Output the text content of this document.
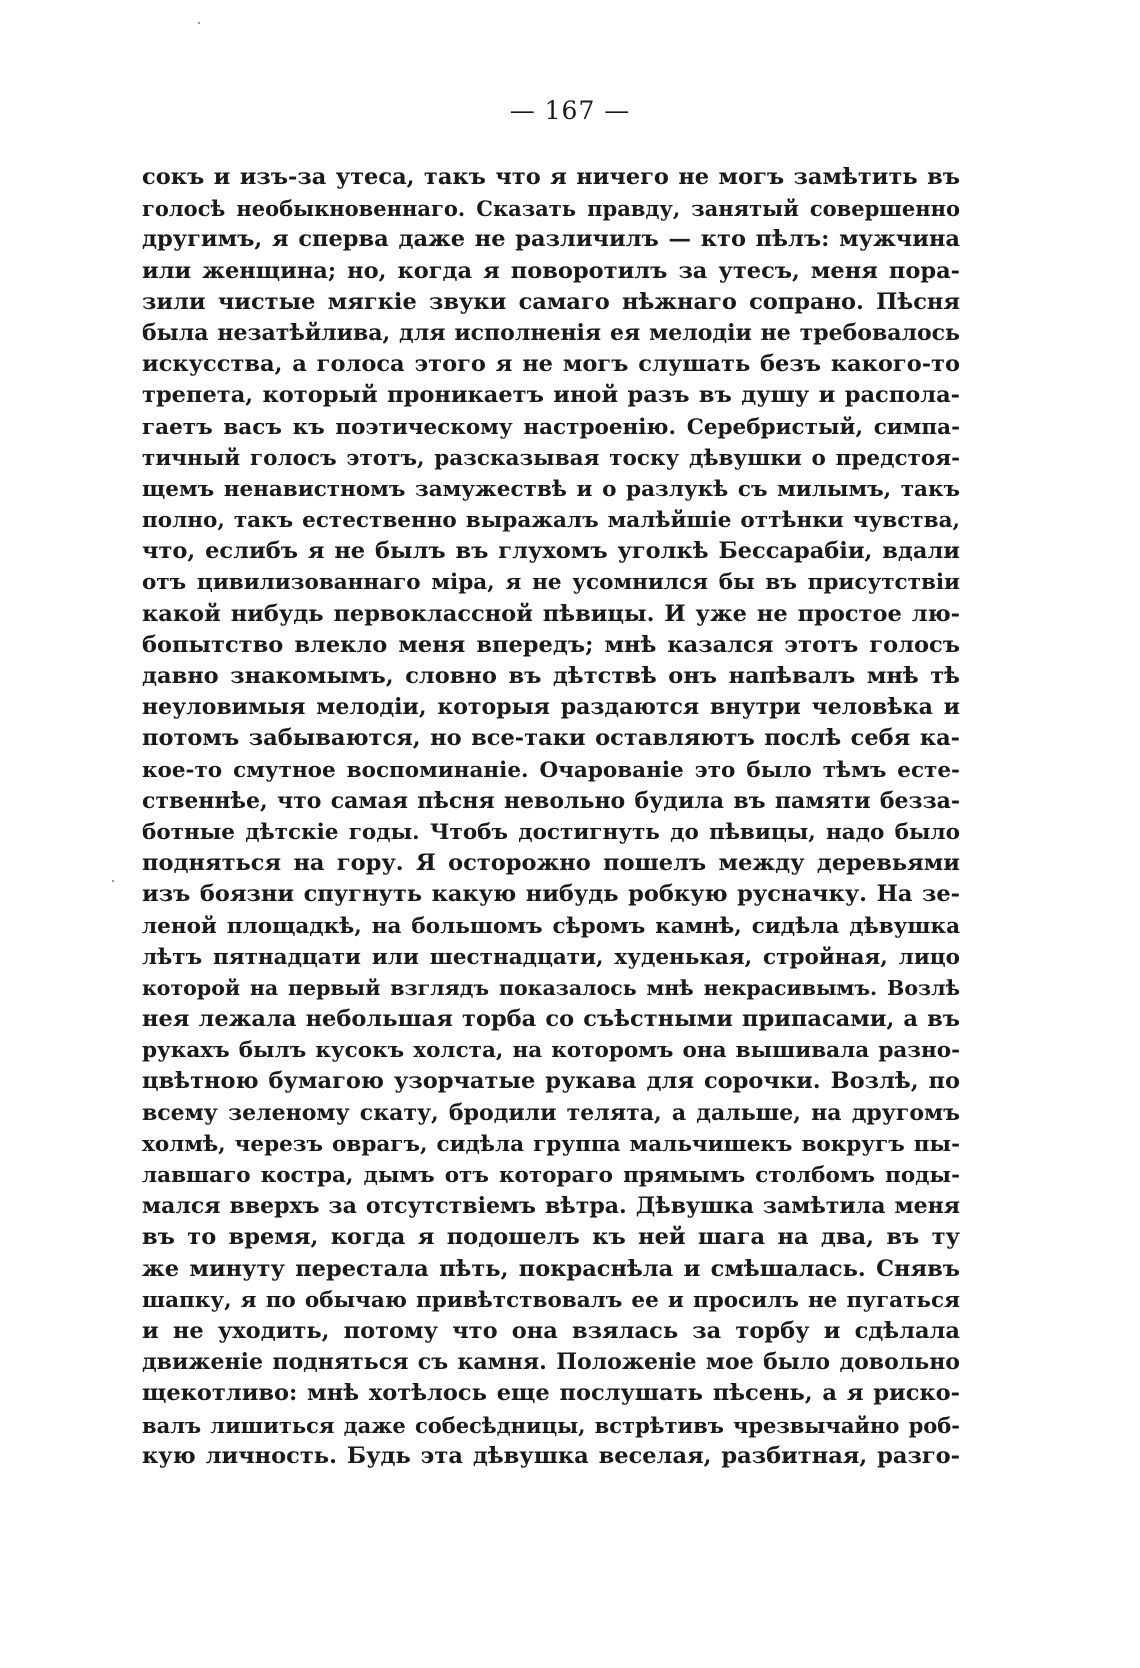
— 167 —
сокъ и изъ-за утеса, такъ что я ничего не могъ замѣтить въ
голосѣ необыкновеннаго. Сказать правду, занятый совершенно
другимъ, я сперва даже не различилъ — кто пѣлъ: мужчина
или женщина; но, когда я поворотилъ за утесъ, меня пора-
зили чистые мягкіе звуки самаго нѣжнаго сопрано. Пѣсня
была незатѣйлива, для исполненія ея мелодіи не требовалось
искусства, а голоса этого я не могъ слушать безъ какого-то
трепета, который проникаетъ иной разъ въ душу и распола-
гаетъ васъ къ поэтическому настроенію. Серебристый, симпа-
тичный голосъ этотъ, разсказывая тоску дѣвушки о предстоя-
щемъ ненавистномъ замужествѣ и о разлукѣ съ милымъ, такъ
полно, такъ естественно выражалъ малѣйшіе оттѣнки чувства,
что, еслибъ я не былъ въ глухомъ уголкѣ Бессарабіи, вдали
отъ цивилизованнаго міра, я не усомнился бы въ присутствіи
какой нибудь первоклассной пѣвицы. И уже не простое лю-
бопытство влекло меня впередъ; мнѣ казался этотъ голосъ
давно знакомымъ, словно въ дѣтствѣ онъ напѣвалъ мнѣ тѣ
неуловимыя мелодіи, которыя раздаются внутри человѣка и
потомъ забываются, но все-таки оставляютъ послѣ себя ка-
кое-то смутное воспоминаніе. Очарованіе это было тѣмъ есте-
ственнѣе, что самая пѣсня невольно будила въ памяти безза-
ботные дѣтскіе годы. Чтобъ достигнуть до пѣвицы, надо было
подняться на гору. Я осторожно пошелъ между деревьями
изъ боязни спугнуть какую нибудь робкую русначку. На зе-
леной площадкѣ, на большомъ сѣромъ камнѣ, сидѣла дѣвушка
лѣтъ пятнадцати или шестнадцати, худенькая, стройная, лицо
которой на первый взглядъ показалось мнѣ некрасивымъ. Возлѣ
нея лежала небольшая торба со съѣстными припасами, а въ
рукахъ былъ кусокъ холста, на которомъ она вышивала разно-
цвѣтною бумагою узорчатые рукава для сорочки. Возлѣ, по
всему зеленому скату, бродили телята, а дальше, на другомъ
холмѣ, черезъ оврагъ, сидѣла группа мальчишекъ вокругъ пы-
лавшаго костра, дымъ отъ котораго прямымъ столбомъ поды-
мался вверхъ за отсутствіемъ вѣтра. Дѣвушка замѣтила меня
въ то время, когда я подошелъ къ ней шага на два, въ ту
же минуту перестала пѣть, покраснѣла и смѣшалась. Снявъ
шапку, я по обычаю привѣтствовалъ ее и просилъ не пугаться
и не уходить, потому что она взялась за торбу и сдѣлала
движеніе подняться съ камня. Положеніе мое было довольно
щекотливо: мнѣ хотѣлось еще послушать пѣсень, а я риско-
валъ лишиться даже собесѣдницы, встрѣтивъ чрезвычайно роб-
кую личность. Будь эта дѣвушка веселая, разбитная, разго-
